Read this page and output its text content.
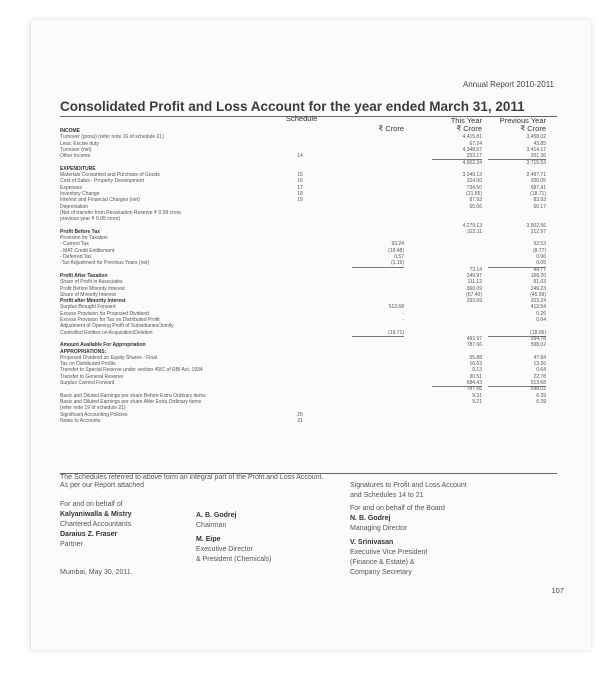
Annual Report 2010-2011
Consolidated Profit and Loss Account for the year ended March 31, 2011
Schedule
₹ Crore
This Year
₹ Crore
Previous Year
₹ Crore
INCOME
Turnover (gross) (refer note 16 of schedule 21)	4,415.81	3,458.02
Less: Excise duty	67.24	43.85
Turnover (net)	4,348.57	3,414.17
Other Income	14	253.17	301.36
4,602.34	3,715.53
EXPENDITURE
Materials Consumed and Purchase of Goods	15	3,049.13	2,497.71
Cost of Sales - Property Development	16	324.00	200.05
Expenses	17	734.50	687.41
Inventory Change	18	(21.55)	(18.71)
Interest and Financial Charges (net)	19	87.93	83.93
Depreciation	55.06	50.17
(Net of transfer from Revaluation Reserve ₹ 0.99 crore
previous year ₹ 0.99 crore)
4,279.13	3,502.56
Profit Before Tax	322.11	212.97
Provision for Taxation
- Current Tax	93.24	52.53
- MAT Credit Entitlement	(19.48)	(8.77)
- Deferred Tax	0.57	0.96
-Tax Adjustment for Previous Years (net)	(1.19)	0.05
73.14	44.77
Profit After Taxation	249.97	168.20
Share of Profit in Associates	111.12	81.03
Profit Before Minority Interest	360.09	249.23
Share of Minority Interest	(67.40)	(45.99)
Profit after Minority Interest	293.69	203.24
Surplus Brought Forward	513.68	412.54
Excess Provision for Proposed Dividend	-	0.26
Excess Provision for Tax on Distributed Profit	-	0.04
Adjustment of Opening Profit of Subsidiaries/Jointly
Controlled Entities on Acquisition/Deletion	(19.71)	(18.06)
493.97	394.78
Amount Available For Appropriation	787.66	598.02
APPROPRIATIONS:
Proposed Dividend on Equity Shares - Final	55.88	47.84
Tax on Distributed Profits	16.63	13.26
Transfer to Special Reserve under section 45IC of RBI Act, 1934	0.13	0.64
Transfer to General Reserve	30.51	22.78
Surplus Carried Forward	684.43	513.68
787.66	598.02
Basic and Diluted Earnings per share Before Extra Ordinary items	9.31	6.39
Basic and Diluted Earnings per share After Extra Ordinary items	9.21	6.39
(refer note 19 of schedule 21)
Significant Accounting Policies	20
Notes to Accounts	21
The Schedules referred to above form an integral part of the Profit and Loss Account.
As per our Report attached
For and on behalf of
Kalyaniwalla & Mistry
Chartered Accountants
Daraius Z. Fraser
Partner
Mumbai, May 30, 2011.
A. B. Godrej
Chairman
M. Eipe
Executive Director
& President (Chemicals)
Signatures to Profit and Loss Account
and Schedules 14 to 21
For and on behalf of the Board
N. B. Godrej
Managing Director
V. Srinivasan
Executive Vice President
(Finance & Estate) &
Company Secretary
107
